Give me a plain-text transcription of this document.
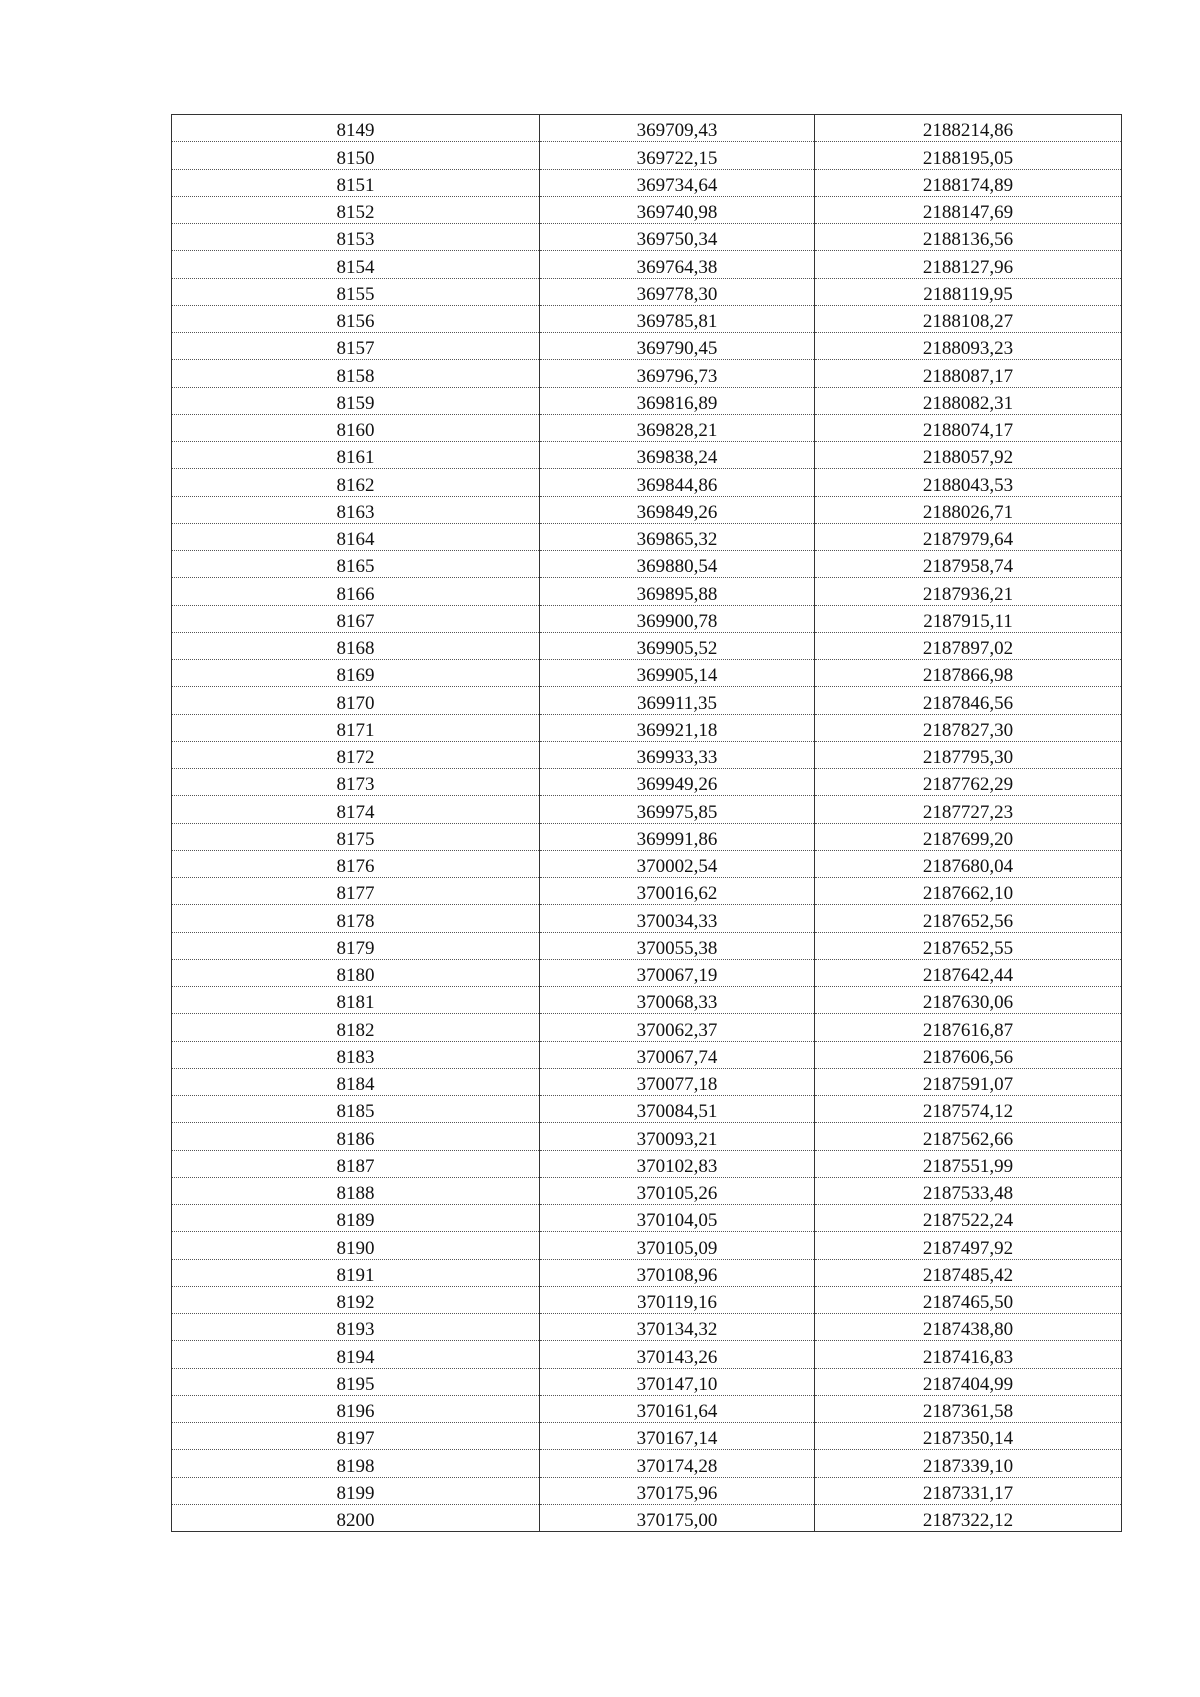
8149	369709,43	2188214,86
8150	369722,15	2188195,05
8151	369734,64	2188174,89
8152	369740,98	2188147,69
8153	369750,34	2188136,56
8154	369764,38	2188127,96
8155	369778,30	2188119,95
8156	369785,81	2188108,27
8157	369790,45	2188093,23
8158	369796,73	2188087,17
8159	369816,89	2188082,31
8160	369828,21	2188074,17
8161	369838,24	2188057,92
8162	369844,86	2188043,53
8163	369849,26	2188026,71
8164	369865,32	2187979,64
8165	369880,54	2187958,74
8166	369895,88	2187936,21
8167	369900,78	2187915,11
8168	369905,52	2187897,02
8169	369905,14	2187866,98
8170	369911,35	2187846,56
8171	369921,18	2187827,30
8172	369933,33	2187795,30
8173	369949,26	2187762,29
8174	369975,85	2187727,23
8175	369991,86	2187699,20
8176	370002,54	2187680,04
8177	370016,62	2187662,10
8178	370034,33	2187652,56
8179	370055,38	2187652,55
8180	370067,19	2187642,44
8181	370068,33	2187630,06
8182	370062,37	2187616,87
8183	370067,74	2187606,56
8184	370077,18	2187591,07
8185	370084,51	2187574,12
8186	370093,21	2187562,66
8187	370102,83	2187551,99
8188	370105,26	2187533,48
8189	370104,05	2187522,24
8190	370105,09	2187497,92
8191	370108,96	2187485,42
8192	370119,16	2187465,50
8193	370134,32	2187438,80
8194	370143,26	2187416,83
8195	370147,10	2187404,99
8196	370161,64	2187361,58
8197	370167,14	2187350,14
8198	370174,28	2187339,10
8199	370175,96	2187331,17
8200	370175,00	2187322,12
